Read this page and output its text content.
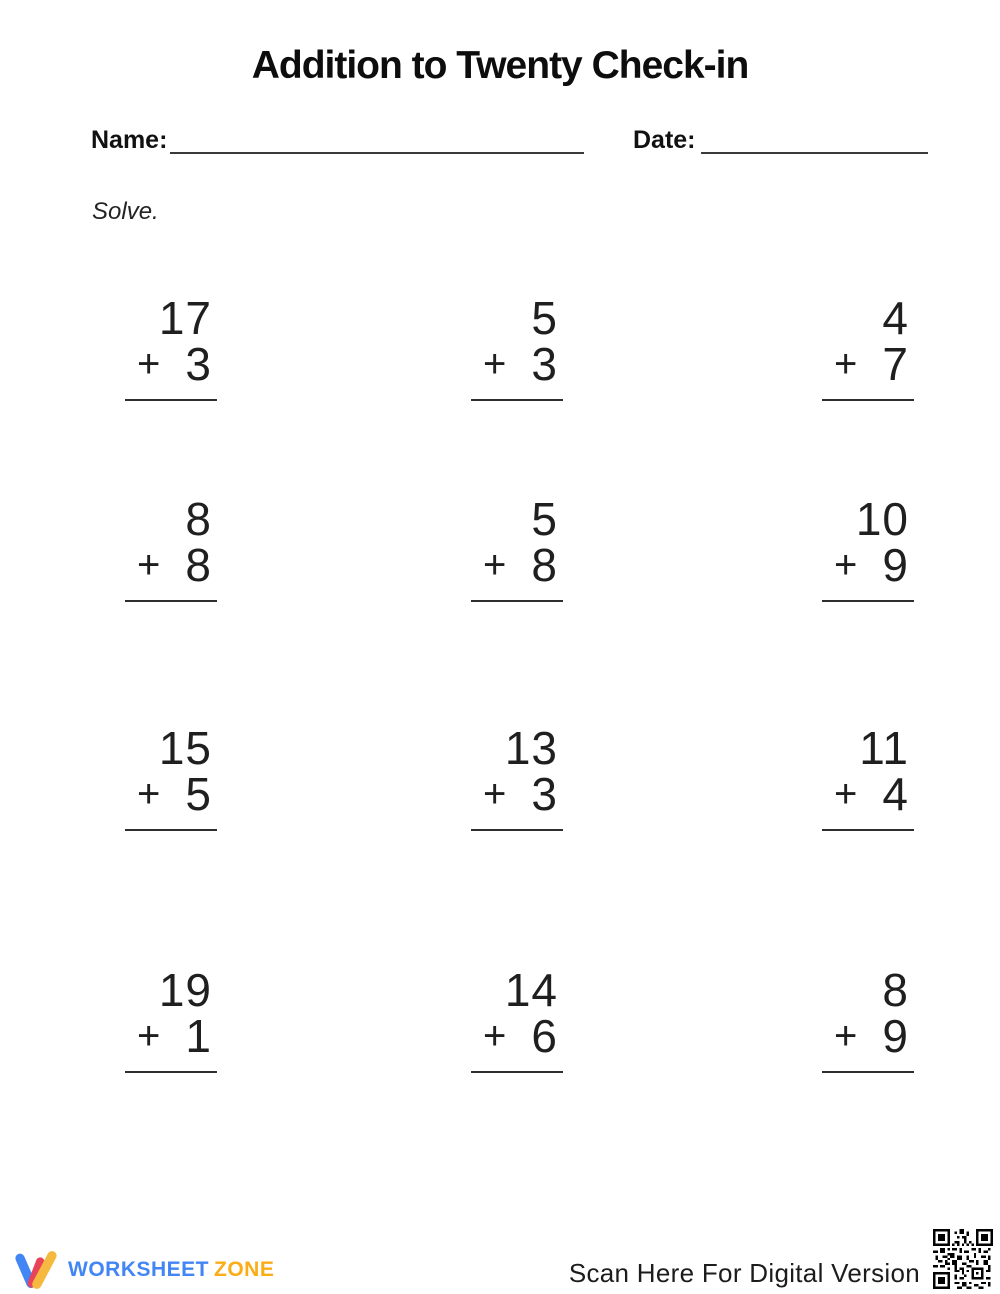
Addition to Twenty Check-in
Name:	Date:
Solve.
17
+ 3
5
+ 3
4
+ 7
8
+ 8
5
+ 8
10
+ 9
15
+ 5
13
+ 3
11
+ 4
19
+ 1
14
+ 6
8
+ 9
WORKSHEET ZONE	Scan Here For Digital Version
